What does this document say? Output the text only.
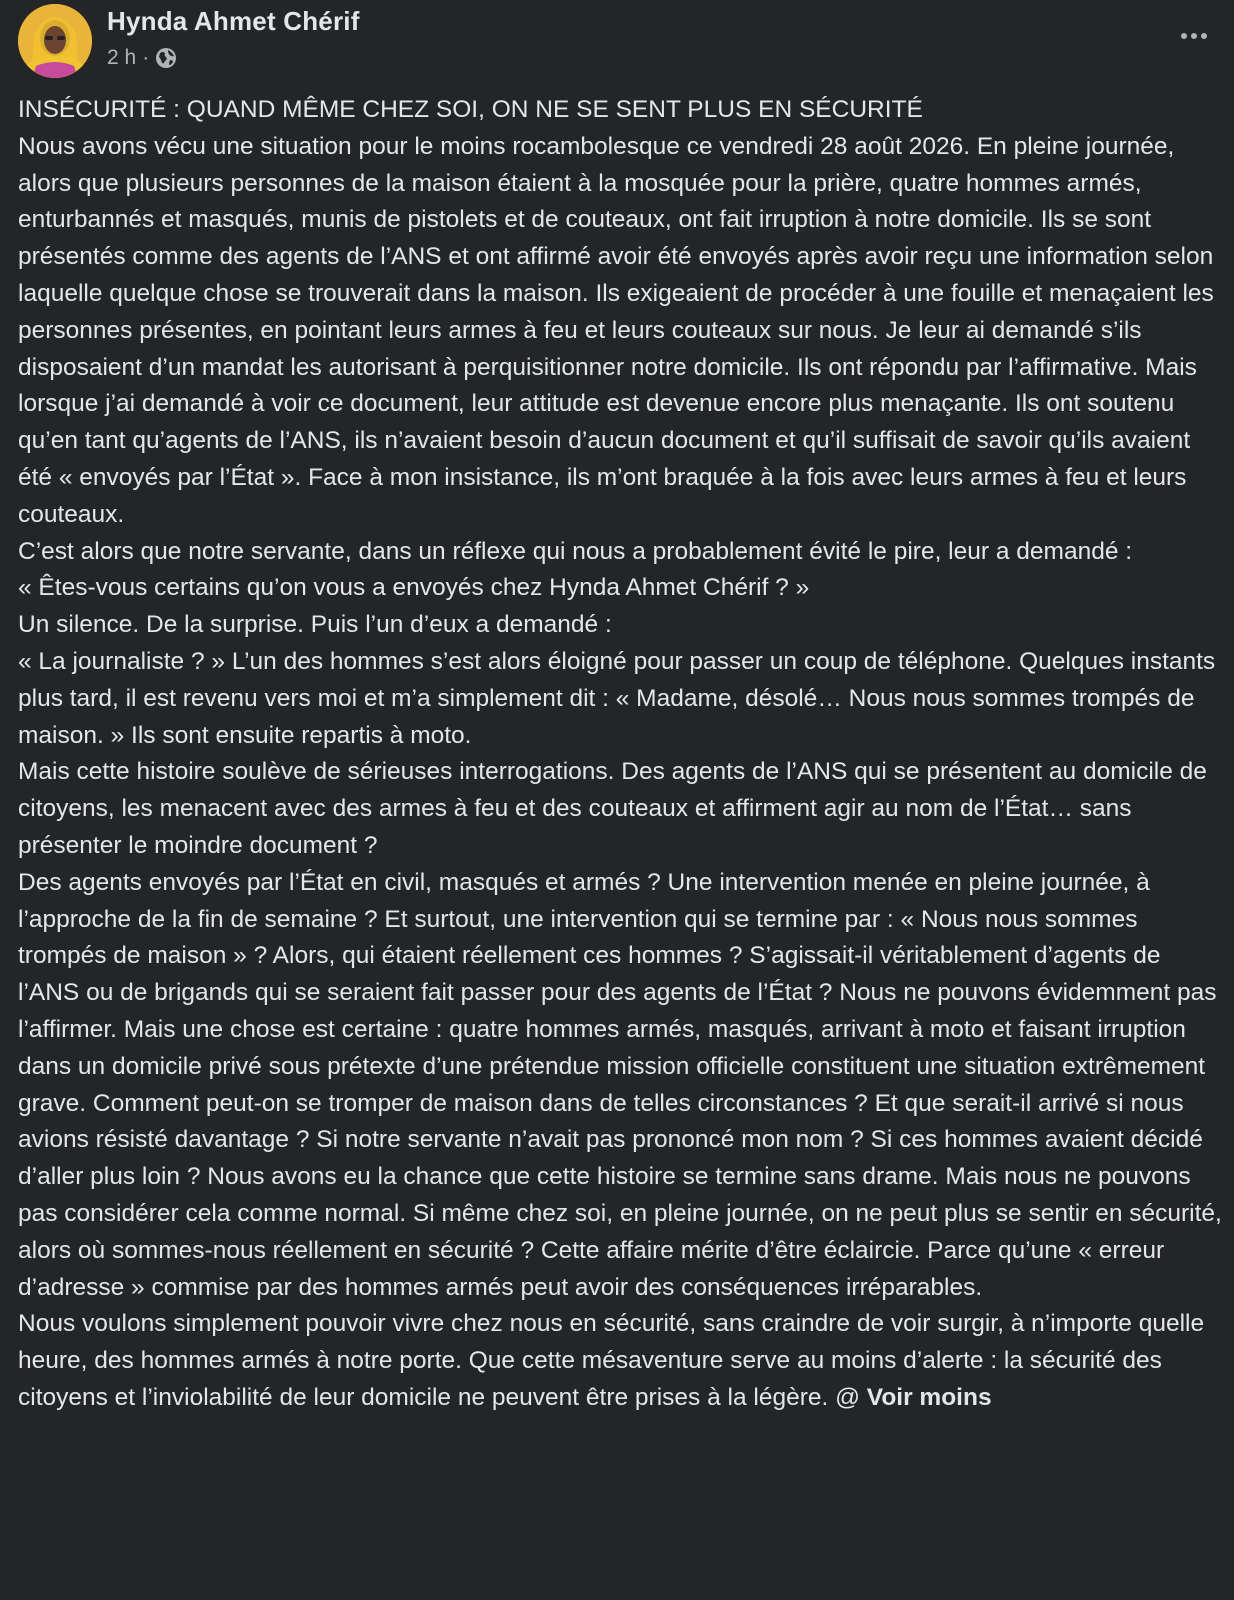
Hynda Ahmet Chérif
2 h ·

INSÉCURITÉ : QUAND MÊME CHEZ SOI, ON NE SE SENT PLUS EN SÉCURITÉ

Nous avons vécu une situation pour le moins rocambolesque ce vendredi 28 août 2026. En pleine journée, alors que plusieurs personnes de la maison étaient à la mosquée pour la prière, quatre hommes armés, enturbannés et masqués, munis de pistolets et de couteaux, ont fait irruption à notre domicile. Ils se sont présentés comme des agents de l’ANS et ont affirmé avoir été envoyés après avoir reçu une information selon laquelle quelque chose se trouverait dans la maison. Ils exigeaient de procéder à une fouille et menaçaient les personnes présentes, en pointant leurs armes à feu et leurs couteaux sur nous. Je leur ai demandé s’ils disposaient d’un mandat les autorisant à perquisitionner notre domicile. Ils ont répondu par l’affirmative. Mais lorsque j’ai demandé à voir ce document, leur attitude est devenue encore plus menaçante. Ils ont soutenu qu’en tant qu’agents de l’ANS, ils n’avaient besoin d’aucun document et qu’il suffisait de savoir qu’ils avaient été « envoyés par l’État ». Face à mon insistance, ils m’ont braquée à la fois avec leurs armes à feu et leurs couteaux.

C’est alors que notre servante, dans un réflexe qui nous a probablement évité le pire, leur a demandé :

« Êtes-vous certains qu’on vous a envoyés chez Hynda Ahmet Chérif ? »

Un silence. De la surprise. Puis l’un d’eux a demandé :

« La journaliste ? » L’un des hommes s’est alors éloigné pour passer un coup de téléphone. Quelques instants plus tard, il est revenu vers moi et m’a simplement dit : « Madame, désolé… Nous nous sommes trompés de maison. » Ils sont ensuite repartis à moto.

Mais cette histoire soulève de sérieuses interrogations. Des agents de l’ANS qui se présentent au domicile de citoyens, les menacent avec des armes à feu et des couteaux et affirment agir au nom de l’État… sans présenter le moindre document ?

Des agents envoyés par l’État en civil, masqués et armés ? Une intervention menée en pleine journée, à l’approche de la fin de semaine ? Et surtout, une intervention qui se termine par : « Nous nous sommes trompés de maison » ? Alors, qui étaient réellement ces hommes ? S’agissait-il véritablement d’agents de l’ANS ou de brigands qui se seraient fait passer pour des agents de l’État ? Nous ne pouvons évidemment pas l’affirmer. Mais une chose est certaine : quatre hommes armés, masqués, arrivant à moto et faisant irruption dans un domicile privé sous prétexte d’une prétendue mission officielle constituent une situation extrêmement grave. Comment peut-on se tromper de maison dans de telles circonstances ? Et que serait-il arrivé si nous avions résisté davantage ? Si notre servante n’avait pas prononcé mon nom ? Si ces hommes avaient décidé d’aller plus loin ? Nous avons eu la chance que cette histoire se termine sans drame. Mais nous ne pouvons pas considérer cela comme normal. Si même chez soi, en pleine journée, on ne peut plus se sentir en sécurité, alors où sommes-nous réellement en sécurité ? Cette affaire mérite d’être éclaircie. Parce qu’une « erreur d’adresse » commise par des hommes armés peut avoir des conséquences irréparables.

Nous voulons simplement pouvoir vivre chez nous en sécurité, sans craindre de voir surgir, à n’importe quelle heure, des hommes armés à notre porte. Que cette mésaventure serve au moins d’alerte : la sécurité des citoyens et l’inviolabilité de leur domicile ne peuvent être prises à la légère. @ Voir moins
